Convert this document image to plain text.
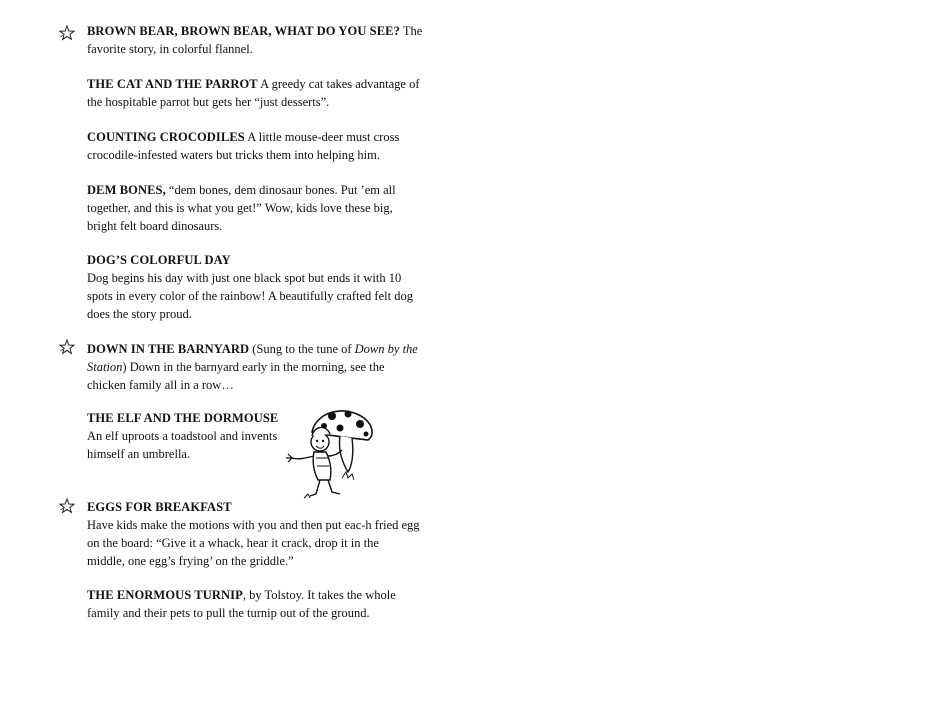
BROWN BEAR, BROWN BEAR, WHAT DO YOU SEE? The
favorite story, in colorful flannel.
THE CAT AND THE PARROT A greedy cat takes advantage of
the hospitable parrot but gets her “just desserts”.
COUNTING CROCODILES A little mouse-deer must cross
crocodile-infested waters but tricks them into helping him.
DEM BONES, “dem bones, dem dinosaur bones. Put ’em all
together, and this is what you get!” Wow, kids love these big,
bright felt board dinosaurs.
DOG’S COLORFUL DAY
Dog begins his day with just one black spot but ends it with 10
spots in every color of the rainbow! A beautifully crafted felt dog
does the story proud.
DOWN IN THE BARNYARD (Sung to the tune of Down by the
Station) Down in the barnyard early in the morning, see the
chicken family all in a row…
THE ELF AND THE DORMOUSE
An elf uproots a toadstool and invents
himself an umbrella.
EGGS FOR BREAKFAST
Have kids make the motions with you and then put eac-h fried egg
on the board: “Give it a whack, hear it crack, drop it in the
middle, one egg’s frying’ on the griddle.”
THE ENORMOUS TURNIP, by Tolstoy. It takes the whole
family and their pets to pull the turnip out of the ground.
